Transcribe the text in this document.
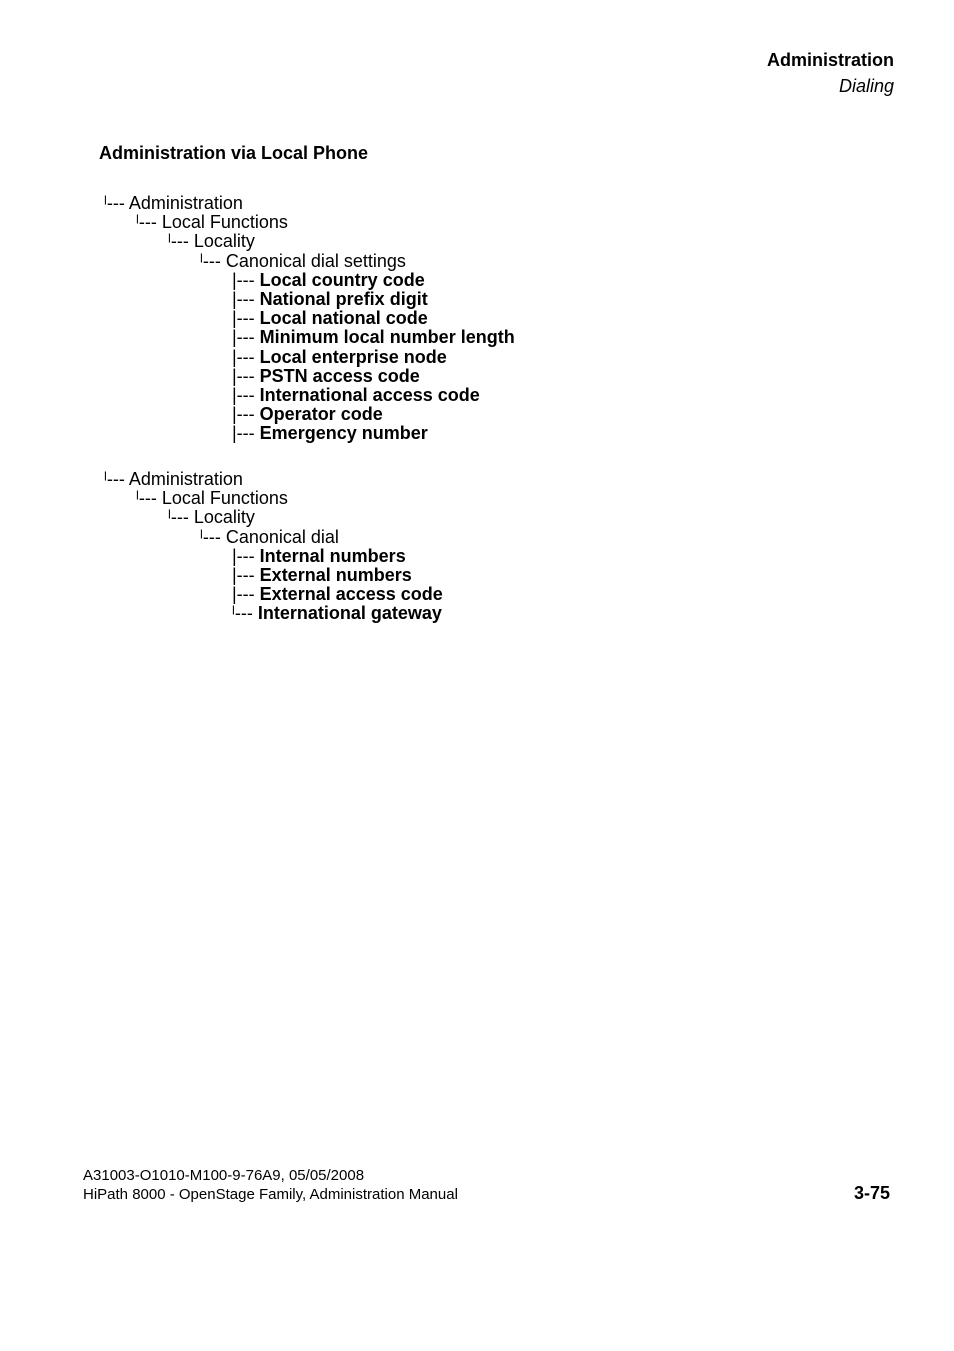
Administration
Dialing
Administration via Local Phone
ˡ--- Administration
ˡ--- Local Functions
ˡ--- Locality
ˡ--- Canonical dial settings
|--- Local country code
|--- National prefix digit
|--- Local national code
|--- Minimum local number length
|--- Local enterprise node
|--- PSTN access code
|--- International access code
|--- Operator code
|--- Emergency number
ˡ--- Administration
ˡ--- Local Functions
ˡ--- Locality
ˡ--- Canonical dial
|--- Internal numbers
|--- External numbers
|--- External access code
ˡ--- International gateway
A31003-O1010-M100-9-76A9, 05/05/2008
HiPath 8000 - OpenStage Family, Administration Manual	3-75
